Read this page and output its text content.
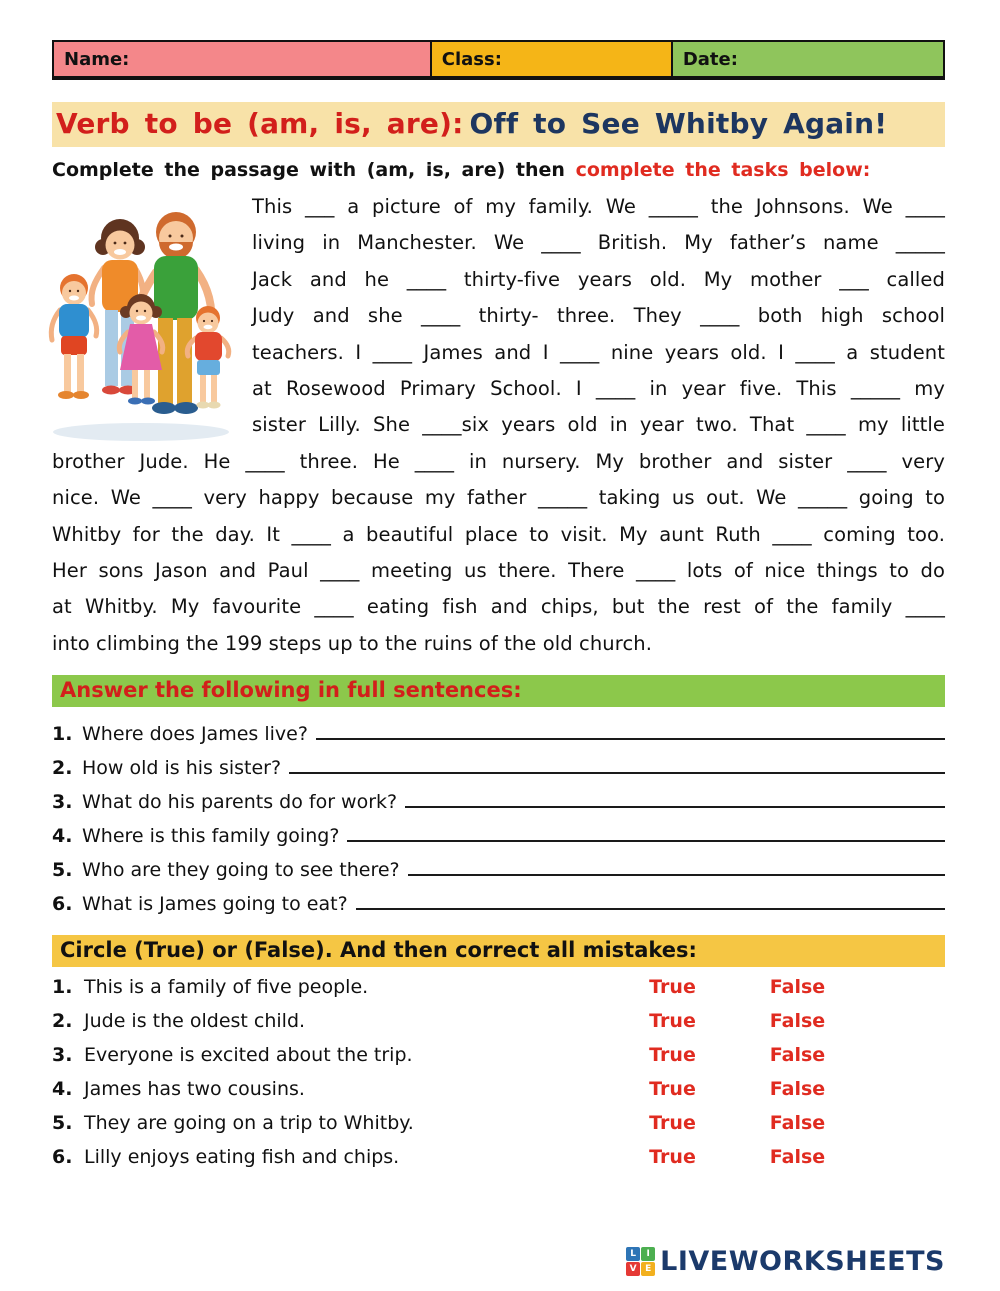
Name:	Class:	Date:
Verb to be (am, is, are): Off to See Whitby Again!
Complete the passage with (am, is, are) then complete the tasks below:
This ___ a picture of my family. We _____ the Johnsons. We ____
living in Manchester. We ____ British. My father’s name _____
Jack and he ____ thirty-five years old. My mother ___ called
Judy and she ____ thirty- three. They ____ both high school
teachers. I ____ James and I ____ nine years old. I ____ a student
at Rosewood Primary School. I ____ in year five. This _____ my
sister Lilly. She ____six years old in year two. That ____ my little
brother Jude. He ____ three. He ____ in nursery. My brother and sister ____ very
nice. We ____ very happy because my father _____ taking us out. We _____ going to
Whitby for the day. It ____ a beautiful place to visit. My aunt Ruth ____ coming too.
Her sons Jason and Paul ____ meeting us there. There ____ lots of nice things to do
at Whitby. My favourite ____ eating fish and chips, but the rest of the family ____
into climbing the 199 steps up to the ruins of the old church.
Answer the following in full sentences:
1. Where does James live?
2. How old is his sister?
3. What do his parents do for work?
4. Where is this family going?
5. Who are they going to see there?
6. What is James going to eat?
Circle (True) or (False). And then correct all mistakes:
1. This is a family of five people.	True	False
2. Jude is the oldest child.	True	False
3. Everyone is excited about the trip.	True	False
4. James has two cousins.	True	False
5. They are going on a trip to Whitby.	True	False
6. Lilly enjoys eating fish and chips.	True	False
L	I
V E LIVEWORKSHEETS
